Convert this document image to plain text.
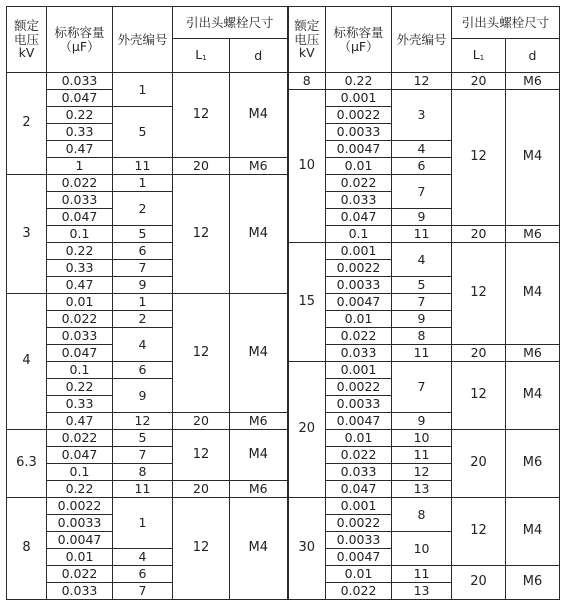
额定
电压
kV	标称容量
（μF）	外壳编号	引出头螺栓尺寸		额定
电压
kV	标称容量
（μF）	外壳编号	引出头螺栓尺寸	
			$L_1$	d				$L_1$	d
2	0.033	1	12	M4	8	0.22	12	20	M6
	0.047				10	0.001	3	12	M4
	0.22	5				0.0022			
	0.33					0.0033			
	0.47					0.0047	4		
	1	11	20	M6		0.01	6		
3	0.022	1	12	M4		0.022	7		
	0.033	2				0.033			
	0.047					0.047	9		
	0.1	5				0.1	11	20	M6
	0.22	6			15	0.001	4	12	M4
	0.33	7				0.0022			
	0.47	9				0.0033	5		
4	0.01	1	12	M4		0.0047	7		
	0.022	2				0.01	9		
	0.033	4				0.022	8		
	0.047					0.033	11	20	M6
	0.1	6			20	0.001	7	12	M4
	0.22	9				0.0022			
	0.33					0.0033			
	0.47	12	20	M6		0.0047	9		
6.3	0.022	5	12	M4		0.01	10	20	M6
	0.047	7				0.022	11		
	0.1	8				0.033	12		
	0.22	11	20	M6		0.047	13		
8	0.0022	1	12	M4	30	0.001	8	12	M4
	0.0033					0.0022			
	0.0047					0.0033	10		
	0.01	4				0.0047			
	0.022	6				0.01	11	20	M6
	0.033	7				0.022	13		
